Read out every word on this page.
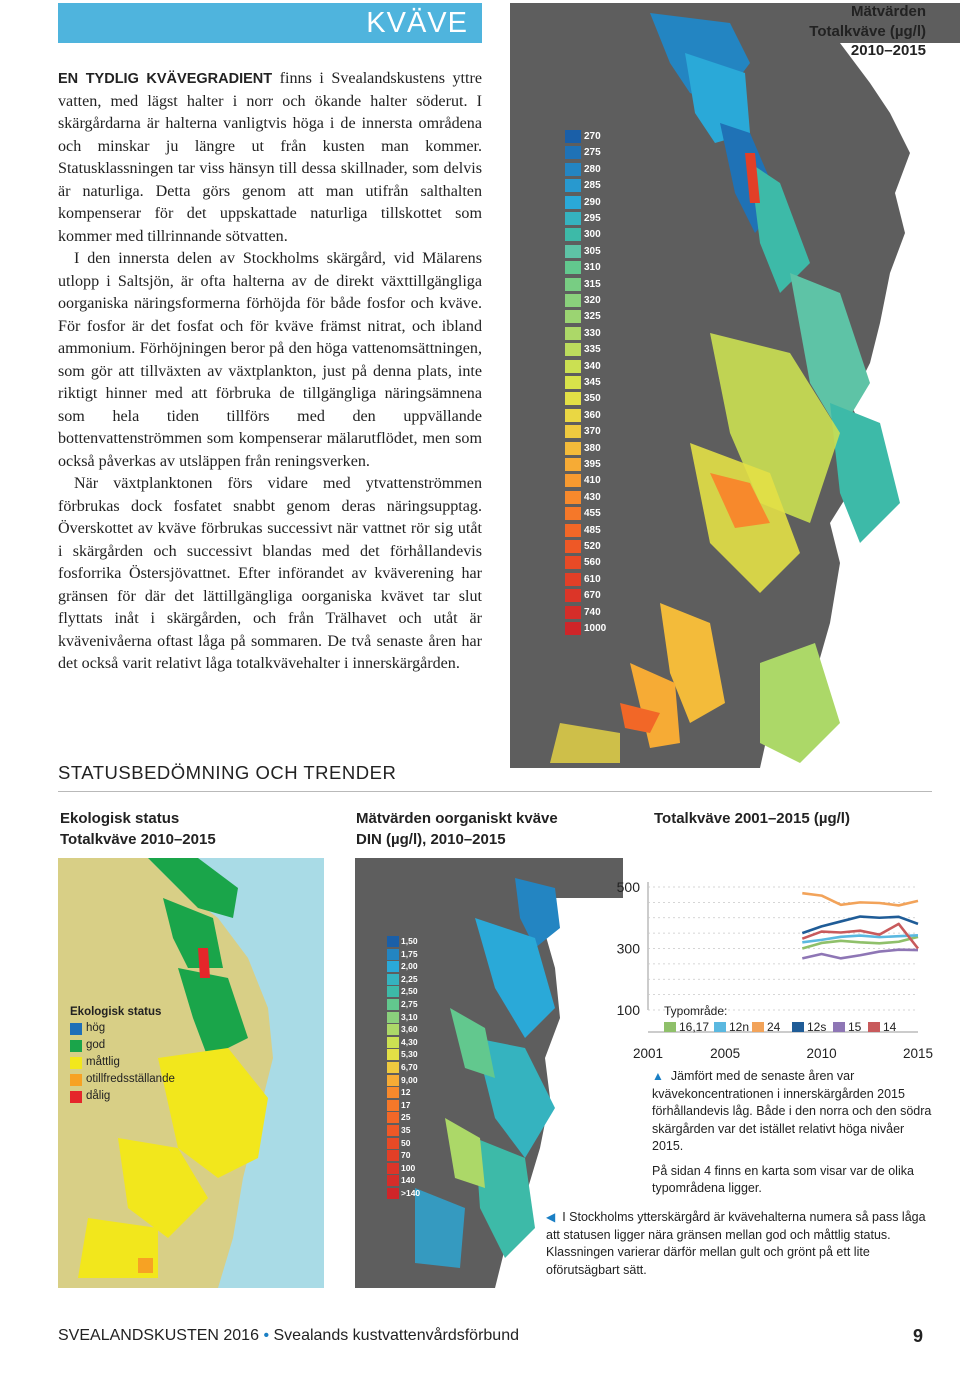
KVÄVE

EN TYDLIG KVÄVEGRADIENT finns i Svealandskustens yttre vatten, med lägst halter i norr och ökande halter söderut. I skärgårdarna är halterna vanligtvis höga i de innersta områdena och minskar ju längre ut från kusten man kommer. Statusklassningen tar viss hänsyn till dessa skillnader, som delvis är naturliga. Detta görs genom att man utifrån salthalten kompenserar för det uppskattade naturliga tillskottet som kommer med tillrinnande sötvatten.

I den innersta delen av Stockholms skärgård, vid Mälarens utlopp i Saltsjön, är ofta halterna av de direkt växttillgängliga oorganiska näringsformerna förhöjda för både fosfor och kväve. För fosfor är det fosfat och för kväve främst nitrat, och ibland ammonium. Förhöjningen beror på den höga vattenomsättningen, som gör att tillväxten av växtplankton, just på denna plats, inte riktigt hinner med att förbruka de tillgängliga näringsämnena som hela tiden tillförs med den uppvällande bottenvattenströmmen som kompenserar mälarutflödet, men som också påverkas av utsläppen från reningsverken.

När växtplanktonen förs vidare med ytvattenströmmen förbrukas dock fosfatet snabbt genom deras näringsupptag. Överskottet av kväve förbrukas successivt när vattnet rör sig utåt i skärgården och successivt blandas med det förhållandevis fosforrika Östersjövattnet. Efter införandet av kväverening har gränsen för där det lättillgängliga oorganiska kvävet tar slut flyttats inåt i skärgården, och från Trälhavet och utåt är kvävenivåerna oftast låga på sommaren. De två senaste åren har det också varit relativt låga totalkvävehalter i innerskärgården.

Mätvärden
Totalkväve (µg/l)
2010–2015
270
275
280
285
290
295
300
305
310
315
320
325
330
335
340
345
350
360
370
380
395
410
430
455
485
520
560
610
670
740
1000
STATUSBEDÖMNING OCH TRENDER
Ekologisk status
Totalkväve 2010–2015
Mätvärden oorganiskt kväve
DIN (µg/l), 2010–2015
Totalkväve 2001–2015 (µg/l)
Ekologisk status
hög
god
måttlig
otillfredsställande
dålig
1,50
1,75
2,00
2,25
2,50
2,75
3,10
3,60
4,30
5,30
6,70
9,00
12
17
25
35
50
70
100
140
>140
100
300
500
2001	2005	2010	2015
Typområde:
16,17	12n	24	12s	15	14

▲ Jämfört med de senaste åren var kvävekoncentrationen i innerskärgården 2015 förhållandevis låg. Både i den norra och den södra skärgården var det istället relativt höga nivåer 2015.

På sidan 4 finns en karta som visar var de olika typområdena ligger.

◀ I Stockholms ytterskärgård är kvävehalterna numera så pass låga att statusen ligger nära gränsen mellan god och måttlig status. Klassningen varierar därför mellan gult och grönt på ett lite oförutsägbart sätt.
SVEALANDSKUSTEN 2016 • Svealands kustvattenvårdsförbund	9
